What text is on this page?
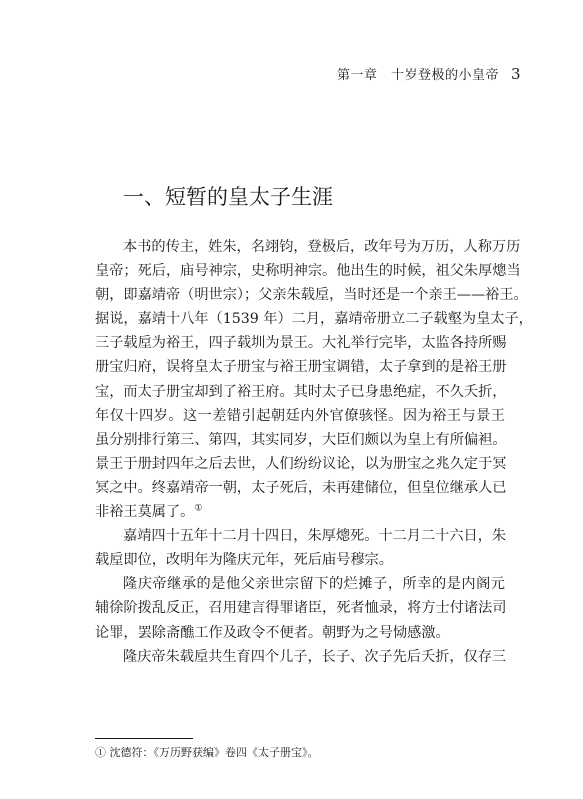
第一章　十岁登极的小皇帝 3
一、短暂的皇太子生涯

本书的传主，姓朱，名翊钧，登极后，改年号为万历，人称万历
皇帝；死后，庙号神宗，史称明神宗。他出生的时候，祖父朱厚熜当
朝，即嘉靖帝（明世宗）；父亲朱载垕，当时还是一个亲王——裕王。
据说，嘉靖十八年（1539 年）二月，嘉靖帝册立二子载壑为皇太子，
三子载垕为裕王，四子载圳为景王。大礼举行完毕，太监各持所赐
册宝归府，误将皇太子册宝与裕王册宝调错，太子拿到的是裕王册
宝，而太子册宝却到了裕王府。其时太子已身患绝症，不久夭折，
年仅十四岁。这一差错引起朝廷内外官僚骇怪。因为裕王与景王
虽分别排行第三、第四，其实同岁，大臣们颇以为皇上有所偏袒。
景王于册封四年之后去世，人们纷纷议论，以为册宝之兆久定于冥
冥之中。终嘉靖帝一朝，太子死后，未再建储位，但皇位继承人已
非裕王莫属了。①

嘉靖四十五年十二月十四日，朱厚熜死。十二月二十六日，朱
载垕即位，改明年为隆庆元年，死后庙号穆宗。

隆庆帝继承的是他父亲世宗留下的烂摊子，所幸的是内阁元
辅徐阶拨乱反正，召用建言得罪诸臣，死者恤录，将方士付诸法司
论罪，罢除斋醮工作及政令不便者。朝野为之号恸感激。

隆庆帝朱载垕共生育四个儿子，长子、次子先后夭折，仅存三

① 沈德符：《万历野获编》卷四《太子册宝》。
